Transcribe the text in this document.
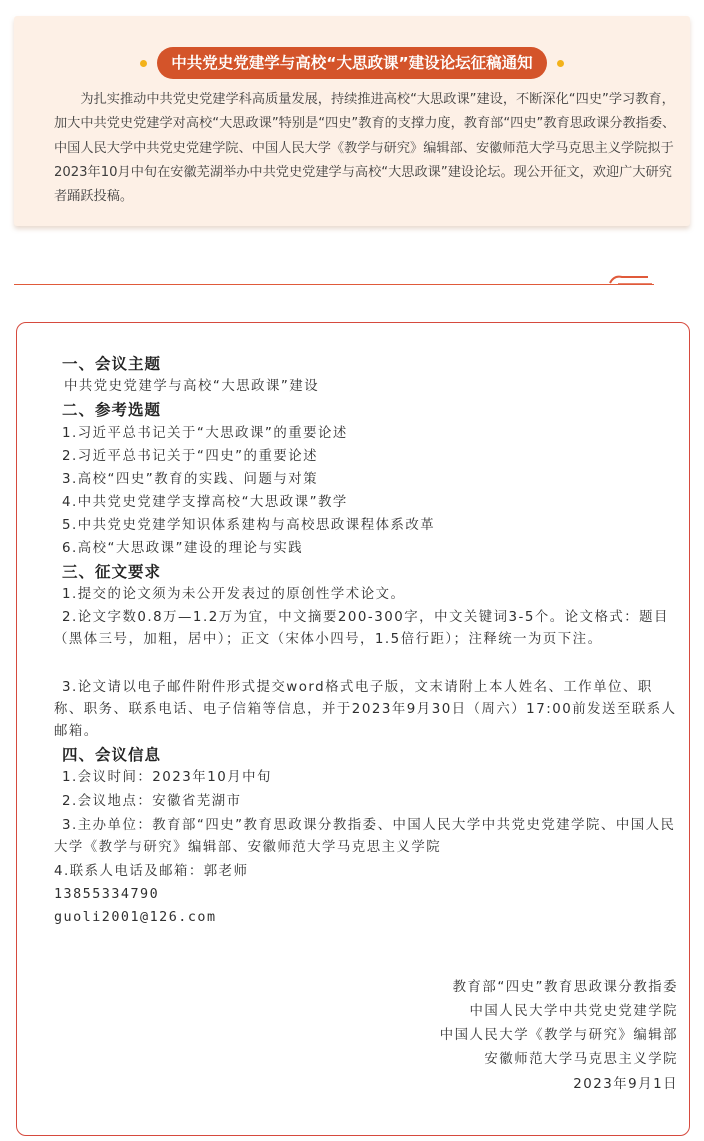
中共党史党建学与高校“大思政课”建设论坛征稿通知

为扎实推动中共党史党建学科高质量发展，持续推进高校“大思政课”建设，不断深化“四史”学习教育，加大中共党史党建学对高校“大思政课”特别是“四史”教育的支撑力度，教育部“四史”教育思政课分教指委、中国人民大学中共党史党建学院、中国人民大学《教学与研究》编辑部、安徽师范大学马克思主义学院拟于2023年10月中旬在安徽芜湖举办中共党史党建学与高校“大思政课”建设论坛。现公开征文，欢迎广大研究者踊跃投稿。

一、会议主题

中共党史党建学与高校“大思政课”建设

二、参考选题

1.习近平总书记关于“大思政课”的重要论述

2.习近平总书记关于“四史”的重要论述

3.高校“四史”教育的实践、问题与对策

4.中共党史党建学支撑高校“大思政课”教学

5.中共党史党建学知识体系建构与高校思政课程体系改革

6.高校“大思政课”建设的理论与实践

三、征文要求

1.提交的论文须为未公开发表过的原创性学术论文。

2.论文字数0.8万—1.2万为宜，中文摘要200-300字，中文关键词3-5个。论文格式：题目（黑体三号，加粗，居中）；正文（宋体小四号，1.5倍行距）；注释统一为页下注。

3.论文请以电子邮件附件形式提交word格式电子版，文末请附上本人姓名、工作单位、职称、职务、联系电话、电子信箱等信息，并于2023年9月30日（周六）17:00前发送至联系人邮箱。

四、会议信息

1.会议时间：2023年10月中旬

2.会议地点：安徽省芜湖市

3.主办单位：教育部“四史”教育思政课分教指委、中国人民大学中共党史党建学院、中国人民大学《教学与研究》编辑部、安徽师范大学马克思主义学院

4.联系人电话及邮箱：郭老师

13855334790

guoli2001@126.com

教育部“四史”教育思政课分教指委

中国人民大学中共党史党建学院

中国人民大学《教学与研究》编辑部

安徽师范大学马克思主义学院

2023年9月1日
